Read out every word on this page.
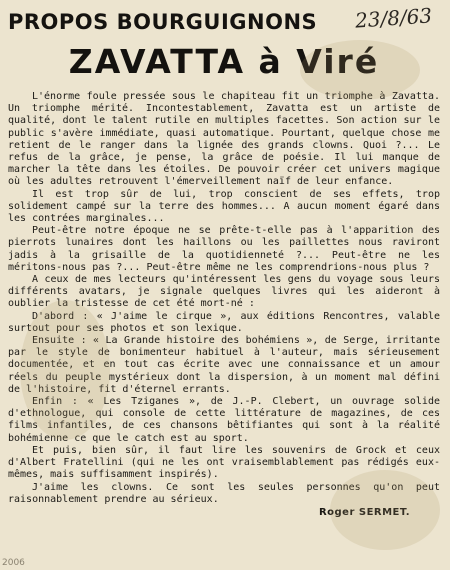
PROPOS BOURGUIGNONS 23/8/63
ZAVATTA à Viré

L'énorme foule pressée sous le chapiteau fit un triomphe à Zavatta. Un triomphe mérité. Incontestablement, Zavatta est un artiste de qualité, dont le talent rutile en multiples facettes. Son action sur le public s'avère immédiate, quasi automatique. Pourtant, quelque chose me retient de le ranger dans la lignée des grands clowns. Quoi ?... Le refus de la grâce, je pense, la grâce de poésie. Il lui manque de marcher la tête dans les étoiles. De pouvoir créer cet univers magique où les adultes retrouvent l'émerveillement naïf de leur enfance.

Il est trop sûr de lui, trop conscient de ses effets, trop solidement campé sur la terre des hommes... A aucun moment égaré dans les contrées marginales...

Peut-être notre époque ne se prête-t-elle pas à l'apparition des pierrots lunaires dont les haillons ou les paillettes nous raviront jadis à la grisaille de la quotidienneté ?... Peut-être ne les méritons-nous pas ?... Peut-être même ne les comprendrions-nous plus ?

A ceux de mes lecteurs qu'intéressent les gens du voyage sous leurs différents avatars, je signale quelques livres qui les aideront à oublier la tristesse de cet été mort-né :

D'abord : « J'aime le cirque », aux éditions Rencontres, valable surtout pour ses photos et son lexique.

Ensuite : « La Grande histoire des bohémiens », de Serge, irritante par le style de bonimenteur habituel à l'auteur, mais sérieusement documentée, et en tout cas écrite avec une connaissance et un amour réels du peuple mystérieux dont la dispersion, à un moment mal défini de l'histoire, fit d'éternel errants.

Enfin : « Les Tziganes », de J.-P. Clebert, un ouvrage solide d'ethnologue, qui console de cette littérature de magazines, de ces films infantiles, de ces chansons bêtifiantes qui sont à la réalité bohémienne ce que le catch est au sport.

Et puis, bien sûr, il faut lire les souvenirs de Grock et ceux d'Albert Fratellini (qui ne les ont vraisemblablement pas rédigés eux-mêmes, mais suffisamment inspirés).

J'aime les clowns. Ce sont les seules personnes qu'on peut raisonnablement prendre au sérieux.

Roger SERMET.
2006
